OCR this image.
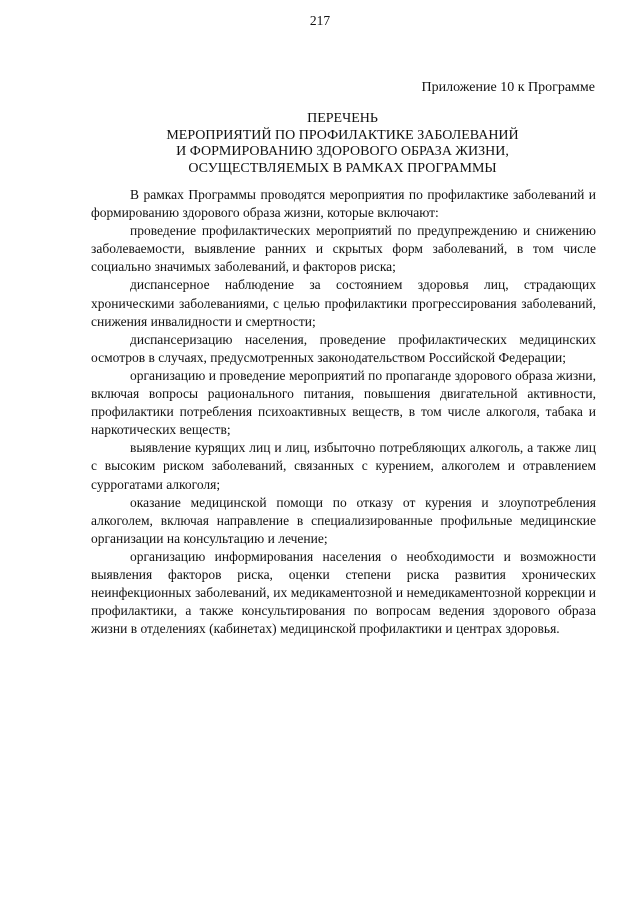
217
Приложение 10 к Программе
ПЕРЕЧЕНЬ
МЕРОПРИЯТИЙ ПО ПРОФИЛАКТИКЕ ЗАБОЛЕВАНИЙ
И ФОРМИРОВАНИЮ ЗДОРОВОГО ОБРАЗА ЖИЗНИ,
ОСУЩЕСТВЛЯЕМЫХ В РАМКАХ ПРОГРАММЫ

В рамках Программы проводятся мероприятия по профилактике заболеваний и формированию здорового образа жизни, которые включают:

проведение профилактических мероприятий по предупреждению и снижению заболеваемости, выявление ранних и скрытых форм заболеваний, в том числе социально значимых заболеваний, и факторов риска;

диспансерное наблюдение за состоянием здоровья лиц, страдающих хроническими заболеваниями, с целью профилактики прогрессирования заболеваний, снижения инвалидности и смертности;

диспансеризацию населения, проведение профилактических медицинских осмотров в случаях, предусмотренных законодательством Российской Федерации;

организацию и проведение мероприятий по пропаганде здорового образа жизни, включая вопросы рационального питания, повышения двигательной активности, профилактики потребления психоактивных веществ, в том числе алкоголя, табака и наркотических веществ;

выявление курящих лиц и лиц, избыточно потребляющих алкоголь, а также лиц с высоким риском заболеваний, связанных с курением, алкоголем и отравлением суррогатами алкоголя;

оказание медицинской помощи по отказу от курения и злоупотребления алкоголем, включая направление в специализированные профильные медицинские организации на консультацию и лечение;

организацию информирования населения о необходимости и возможности выявления факторов риска, оценки степени риска развития хронических неинфекционных заболеваний, их медикаментозной и немедикаментозной коррекции и профилактики, а также консультирования по вопросам ведения здорового образа жизни в отделениях (кабинетах) медицинской профилактики и центрах здоровья.
